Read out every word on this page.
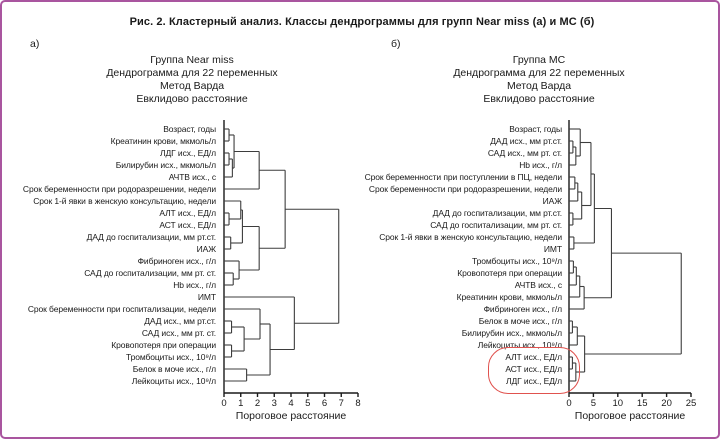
Рис. 2. Кластерный анализ. Классы дендрограммы для групп Near miss (а) и МС (б)
а)	б)
Группа Near miss
Дендрограмма для 22 переменных
Метод Варда
Евклидово расстояние
Группа МС
Дендрограмма для 22 переменных
Метод Варда
Евклидово расстояние
Возраст, годы
Креатинин крови, мкмоль/л
ЛДГ исх., ЕД/л
Билирубин исх., мкмоль/л
АЧТВ исх., с
Срок беременности при родоразрешении, недели
Срок 1-й явки в женскую консультацию, недели
АЛТ исх., ЕД/л
АСТ исх., ЕД/л
ДАД до госпитализации, мм рт.ст.
ИАЖ
Фибриноген исх., г/л
САД до госпитализации, мм рт. ст.
Hb исх., г/л
ИМТ
Срок беременности при госпитализации, недели
ДАД исх., мм рт.ст.
САД исх., мм рт. ст.
Кровопотеря при операции
Тромбоциты исх., 10⁹/л
Белок в моче исх., г/л
Лейкоциты исх., 10⁹/л
Возраст, годы
ДАД исх., мм рт.ст.
САД исх., мм рт. ст.
Hb исх., г/л
Срок беременности при поступлении в ПЦ, недели
Срок беременности при родоразрешении, недели
ИАЖ
ДАД до госпитализации, мм рт.ст.
САД до госпитализации, мм рт. ст.
Срок 1-й явки в женскую консультацию, недели
ИМТ
Тромбоциты исх., 10⁹/л
Кровопотеря при операции
АЧТВ исх., с
Креатинин крови, мкмоль/л
Фибриноген исх., г/л
Белок в моче исх., г/л
Билирубин исх., мкмоль/л
Лейкоциты исх., 10⁹/л
АЛТ исх., ЕД/л
АСТ исх., ЕД/л
ЛДГ исх., ЕД/л
0 1 2 3 4 5 6 7 8	0 5 10 15 20 25
Пороговое расстояние	Пороговое расстояние
